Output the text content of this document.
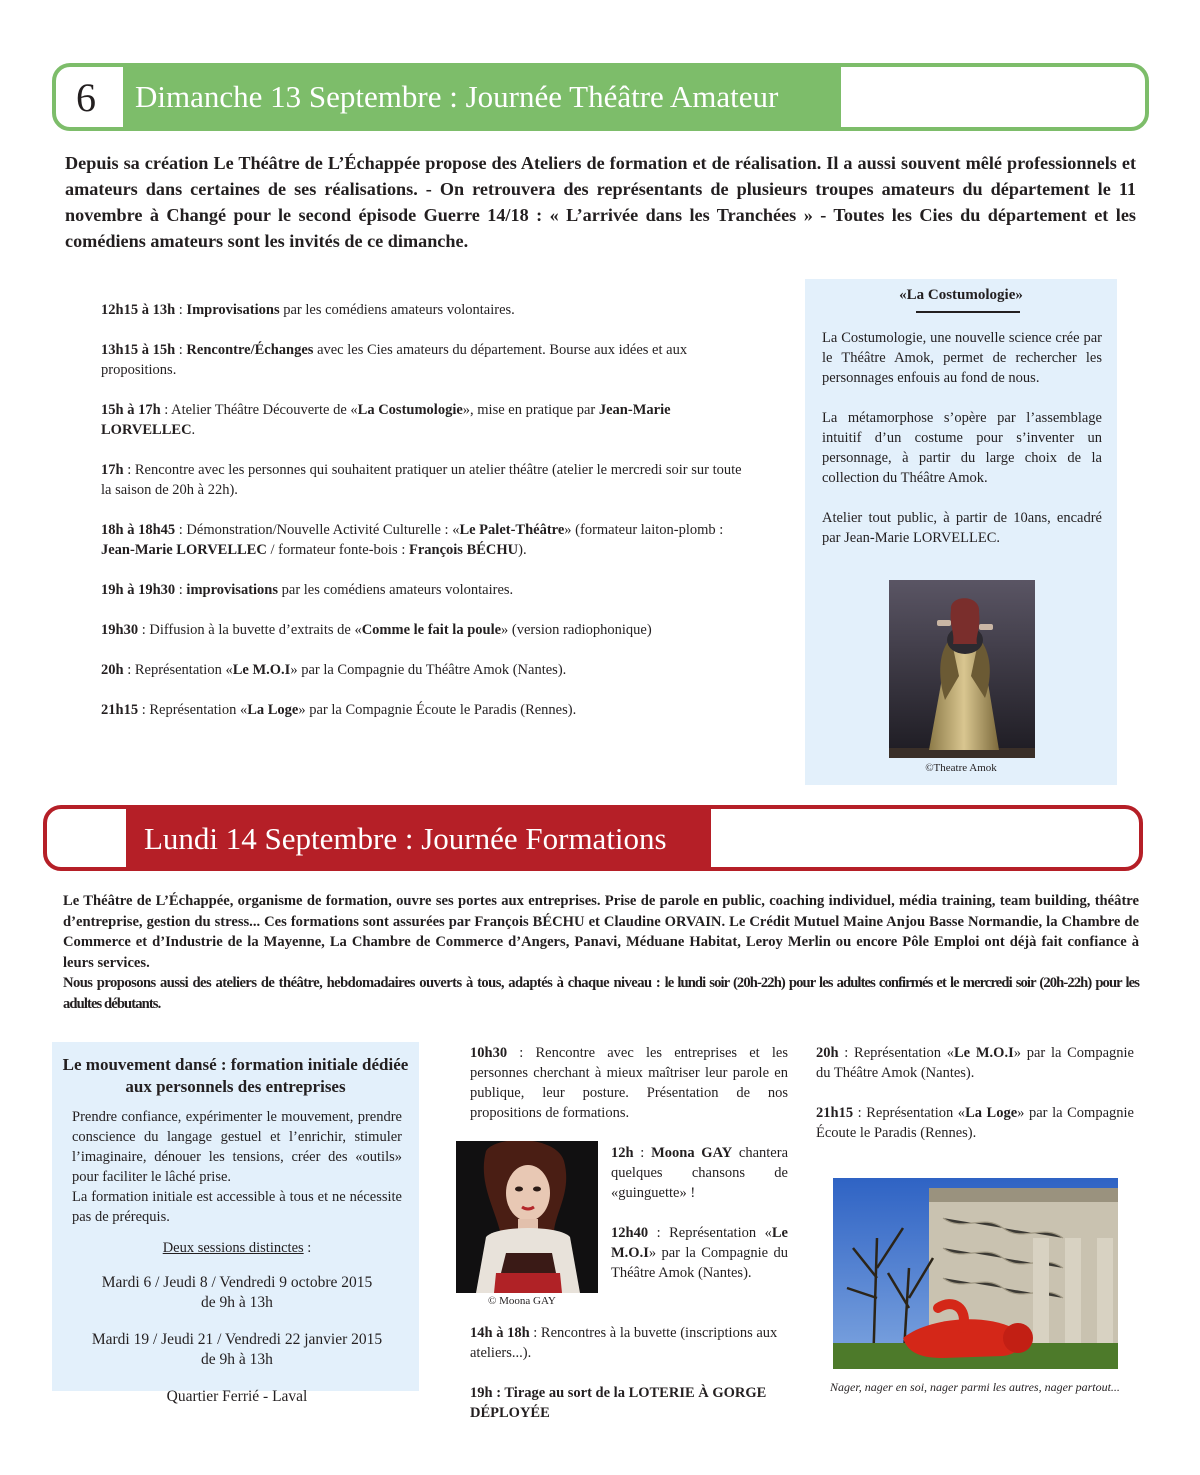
6	Dimanche 13 Septembre : Journée Théâtre Amateur
Depuis sa création Le Théâtre de L’Échappée propose des Ateliers de formation et de réalisation. Il a aussi souvent mêlé professionnels et amateurs dans certaines de ses réalisations. - On retrouvera des représentants de plusieurs troupes amateurs du département le 11 novembre à Changé pour le second épisode Guerre 14/18 : « L’arrivée dans les Tranchées » - Toutes les Cies du département et les comédiens amateurs sont les invités de ce dimanche.

12h15 à 13h : Improvisations par les comédiens amateurs volontaires.

13h15 à 15h : Rencontre/Échanges avec les Cies amateurs du département. Bourse aux idées et aux propositions.

15h à 17h : Atelier Théâtre Découverte de «La Costumologie», mise en pratique par Jean-Marie LORVELLEC.

17h : Rencontre avec les personnes qui souhaitent pratiquer un atelier théâtre (atelier le mercredi soir sur toute la saison de 20h à 22h).

18h à 18h45 : Démonstration/Nouvelle Activité Culturelle : «Le Palet-Théâtre» (formateur laiton-plomb : Jean-Marie LORVELLEC / formateur fonte-bois : François BÉCHU).

19h à 19h30 : improvisations par les comédiens amateurs volontaires.

19h30 : Diffusion à la buvette d’extraits de «Comme le fait la poule» (version radiophonique)

20h : Représentation «Le M.O.I» par la Compagnie du Théâtre Amok (Nantes).

21h15 : Représentation «La Loge» par la Compagnie Écoute le Paradis (Rennes).

«La Costumologie»

La Costumologie, une nouvelle science crée par le Théâtre Amok, permet de rechercher les personnages enfouis au fond de nous.

La métamorphose s’opère par l’assemblage intuitif d’un costume pour s’inventer un personnage, à partir du large choix de la collection du Théâtre Amok.

Atelier tout public, à partir de 10ans, encadré par Jean-Marie LORVELLEC.

©Theatre Amok
Lundi 14 Septembre : Journée Formations
Le Théâtre de L’Échappée, organisme de formation, ouvre ses portes aux entreprises. Prise de parole en public, coaching individuel, média training, team building, théâtre d’entreprise, gestion du stress... Ces formations sont assurées par François BÉCHU et Claudine ORVAIN. Le Crédit Mutuel Maine Anjou Basse Normandie, la Chambre de Commerce et d’Industrie de la Mayenne, La Chambre de Commerce d’Angers, Panavi, Méduane Habitat, Leroy Merlin ou encore Pôle Emploi ont déjà fait confiance à leurs services.
Nous proposons aussi des ateliers de théâtre, hebdomadaires ouverts à tous, adaptés à chaque niveau : le lundi soir (20h-22h) pour les adultes confirmés et le mercredi soir (20h-22h) pour les adultes débutants.
Le mouvement dansé : formation initiale dédiée aux personnels des entreprises
Prendre confiance, expérimenter le mouvement, prendre conscience du langage gestuel et l’enrichir, stimuler l’imaginaire, dénouer les tensions, créer des «outils» pour faciliter le lâché prise.
La formation initiale est accessible à tous et ne nécessite pas de prérequis.
Deux sessions distinctes :
Mardi 6 / Jeudi 8 / Vendredi 9 octobre 2015
de 9h à 13h
Mardi 19 / Jeudi 21 / Vendredi 22 janvier 2015
de 9h à 13h
Quartier Ferrié - Laval
10h30 : Rencontre avec les entreprises et les personnes cherchant à mieux maîtriser leur parole en publique, leur posture. Présentation de nos propositions de formations.
© Moona GAY

12h : Moona GAY chantera quelques chansons de «guinguette» !

12h40 : Représentation «Le M.O.I» par la Compagnie du Théâtre Amok (Nantes).

14h à 18h : Rencontres à la buvette (inscriptions aux ateliers...).

19h : Tirage au sort de la LOTERIE À GORGE DÉPLOYÉE

20h : Représentation «Le M.O.I» par la Compagnie du Théâtre Amok (Nantes).

21h15 : Représentation «La Loge» par la Compagnie Écoute le Paradis (Rennes).

Nager, nager en soi, nager parmi les autres, nager partout...
